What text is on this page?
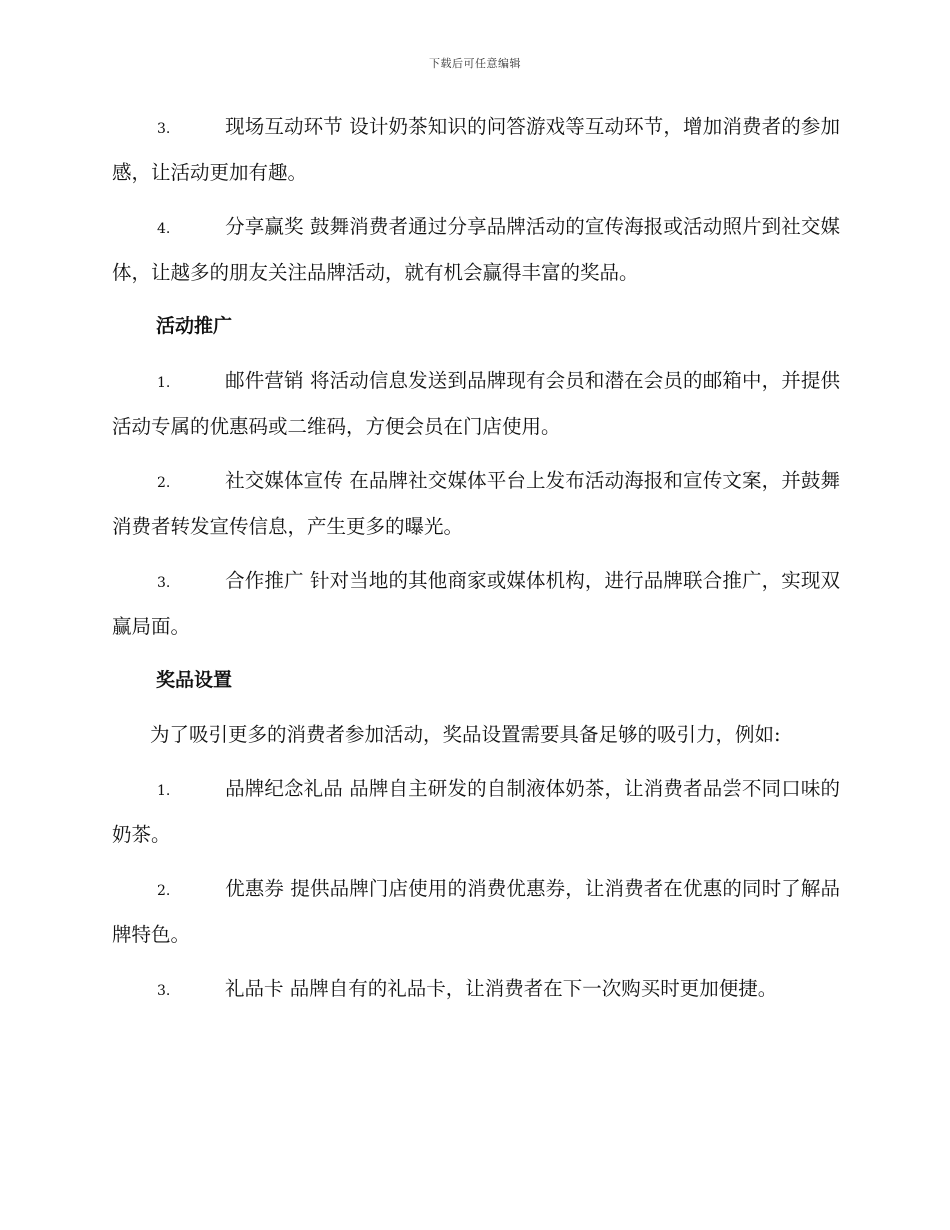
下载后可任意编辑

3.	现场互动环节 设计奶茶知识的问答游戏等互动环节，增加消费者的参加感，让活动更加有趣。

4.	分享赢奖 鼓舞消费者通过分享品牌活动的宣传海报或活动照片到社交媒体，让越多的朋友关注品牌活动，就有机会赢得丰富的奖品。

活动推广

1.	邮件营销 将活动信息发送到品牌现有会员和潜在会员的邮箱中，并提供活动专属的优惠码或二维码，方便会员在门店使用。

2.	社交媒体宣传 在品牌社交媒体平台上发布活动海报和宣传文案，并鼓舞消费者转发宣传信息，产生更多的曝光。

3.	合作推广 针对当地的其他商家或媒体机构，进行品牌联合推广，实现双赢局面。

奖品设置

为了吸引更多的消费者参加活动，奖品设置需要具备足够的吸引力，例如:

1.	品牌纪念礼品 品牌自主研发的自制液体奶茶，让消费者品尝不同口味的奶茶。

2.	优惠券 提供品牌门店使用的消费优惠券，让消费者在优惠的同时了解品牌特色。

3.	礼品卡 品牌自有的礼品卡，让消费者在下一次购买时更加便捷。
